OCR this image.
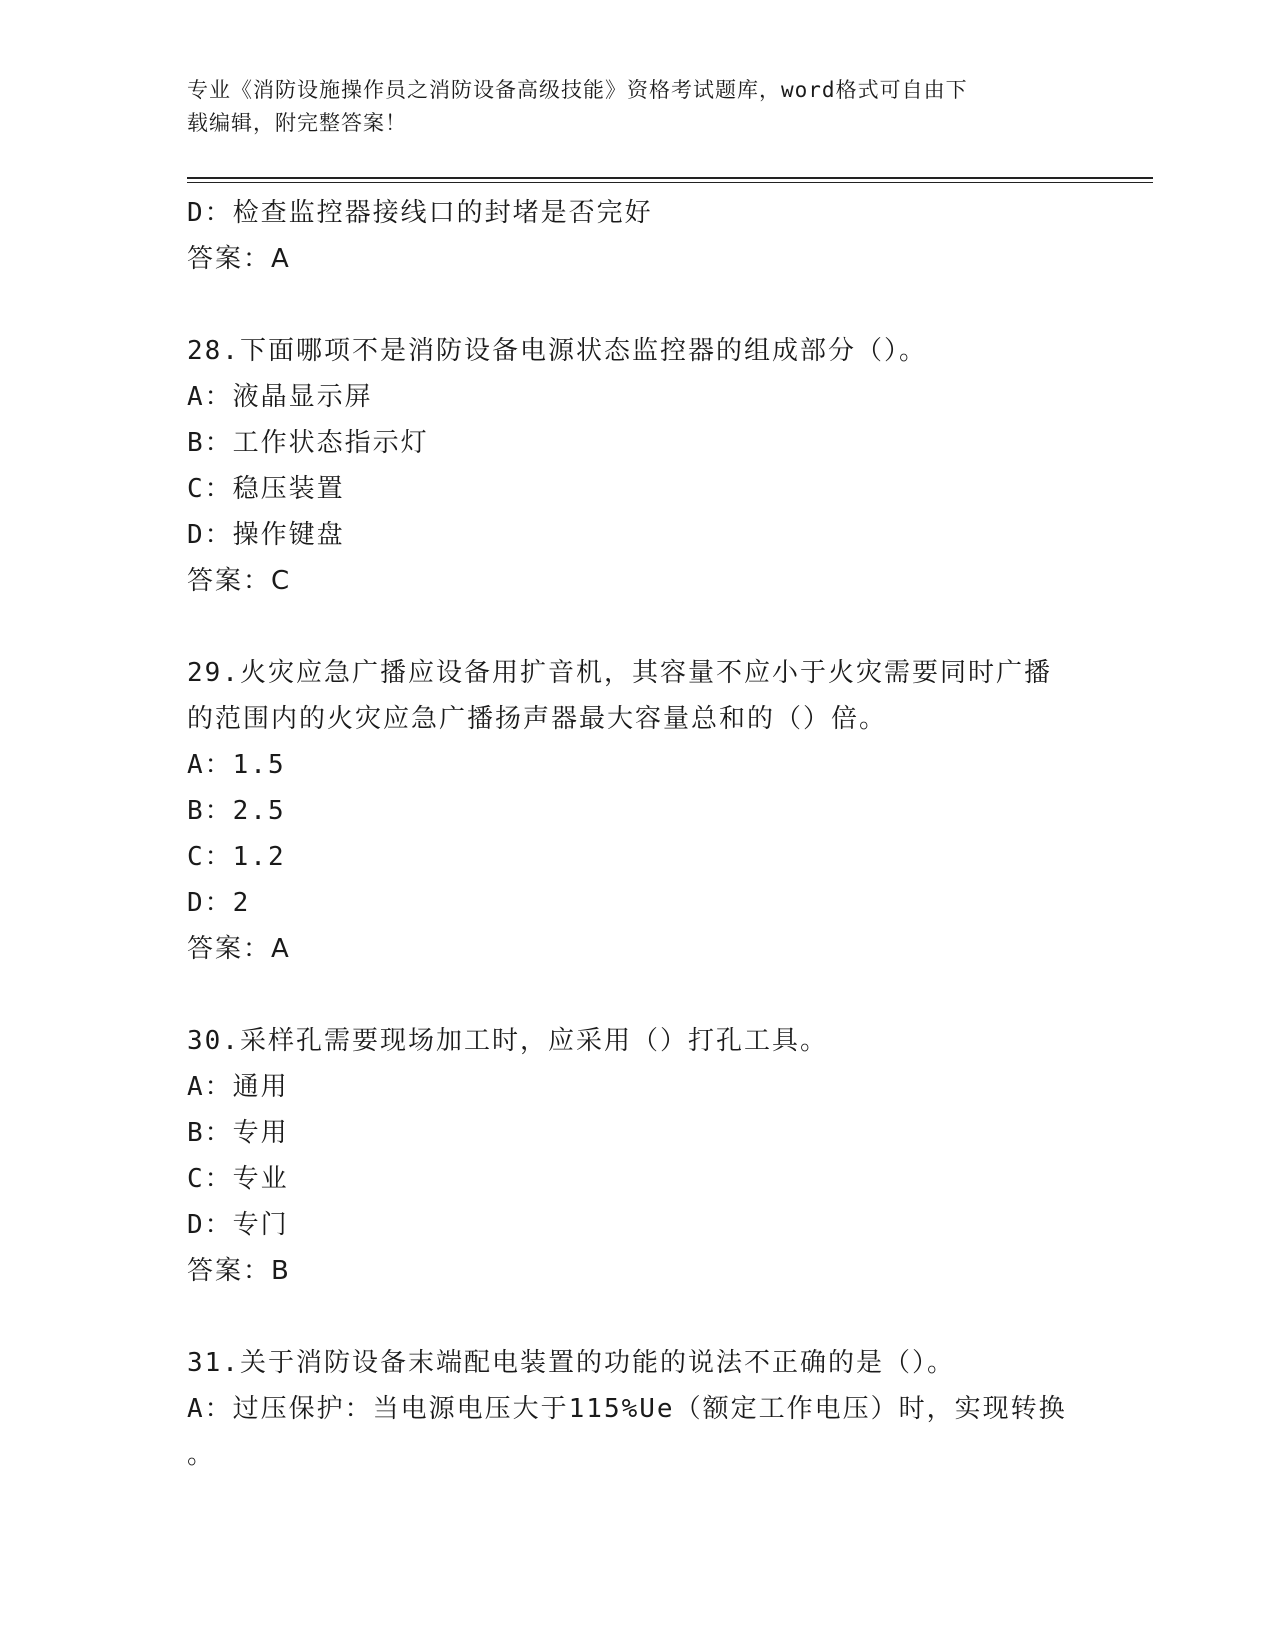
专业《消防设施操作员之消防设备高级技能》资格考试题库，word格式可自由下
载编辑，附完整答案！
D：检查监控器接线口的封堵是否完好
答案：A
28.下面哪项不是消防设备电源状态监控器的组成部分（）。
A：液晶显示屏
B：工作状态指示灯
C：稳压装置
D：操作键盘
答案：C
29.火灾应急广播应设备用扩音机，其容量不应小于火灾需要同时广播
的范围内的火灾应急广播扬声器最大容量总和的（）倍。
A：1.5
B：2.5
C：1.2
D：2
答案：A
30.采样孔需要现场加工时，应采用（）打孔工具。
A：通用
B：专用
C：专业
D：专门
答案：B
31.关于消防设备末端配电装置的功能的说法不正确的是（）。
A：过压保护：当电源电压大于115%Ue（额定工作电压）时，实现转换
。
